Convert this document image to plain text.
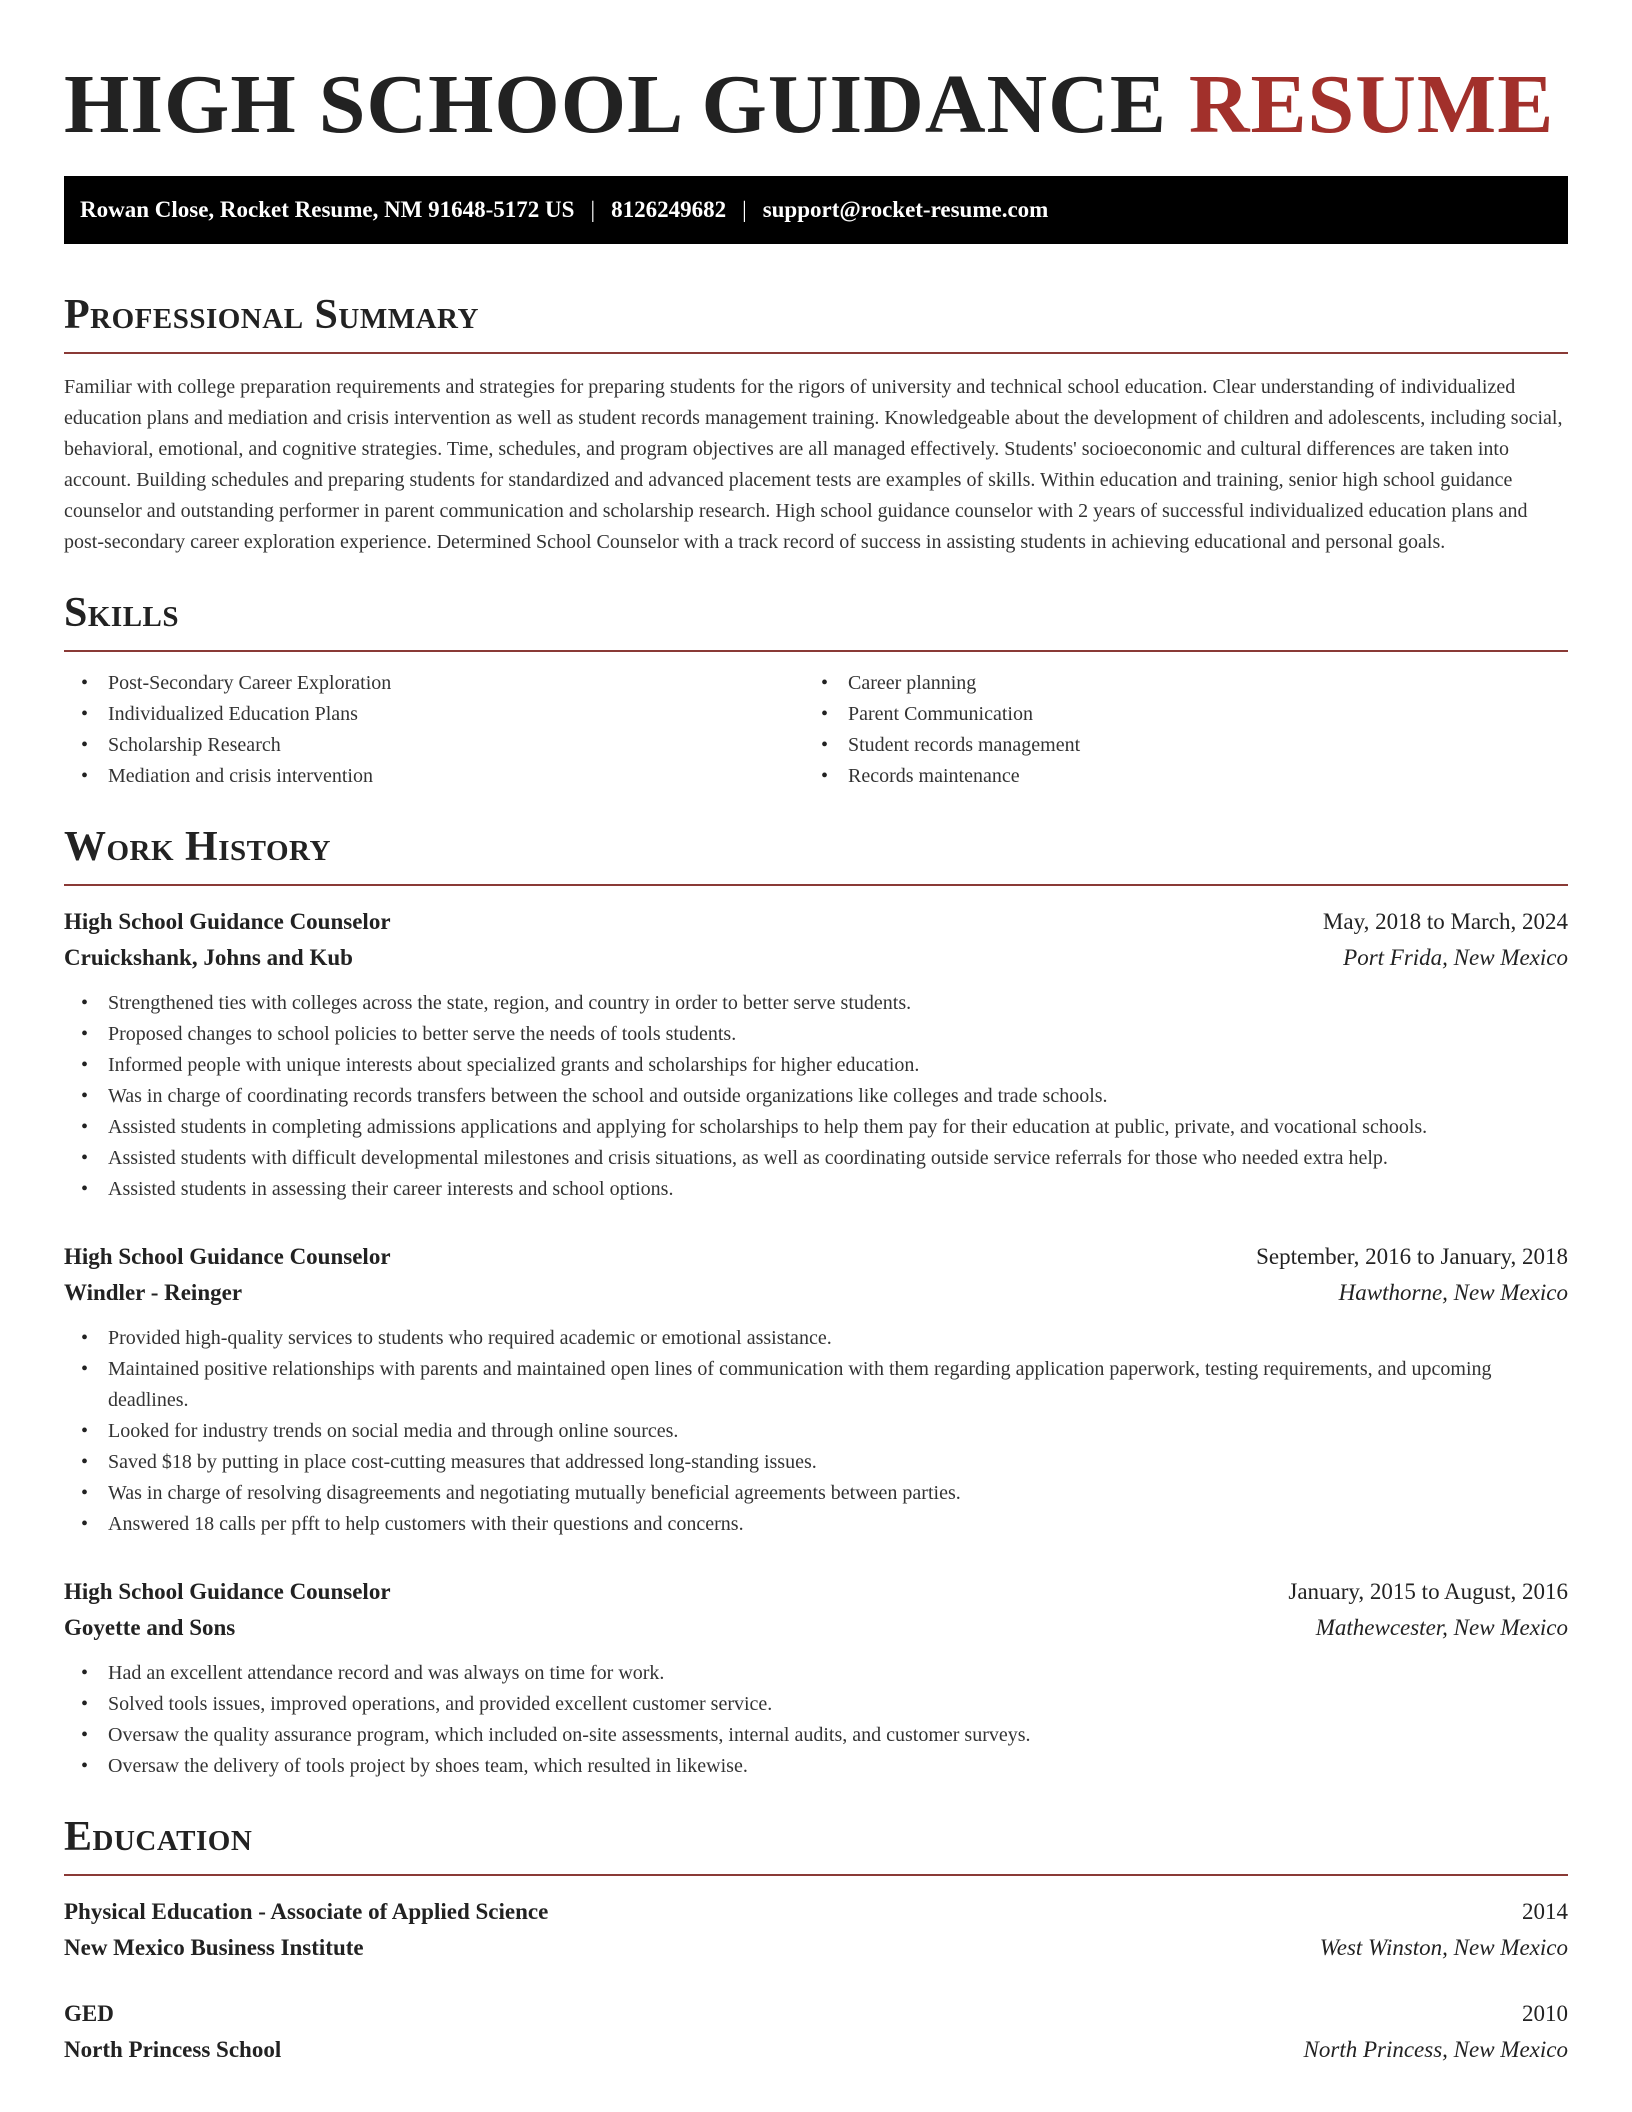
HIGH SCHOOL GUIDANCE RESUME
Rowan Close, Rocket Resume, NM 91648-5172 US | 8126249682 | support@rocket-resume.com
Professional Summary

Familiar with college preparation requirements and strategies for preparing students for the rigors of university and technical school education. Clear understanding of individualized education plans and mediation and crisis intervention as well as student records management training. Knowledgeable about the development of children and adolescents, including social, behavioral, emotional, and cognitive strategies. Time, schedules, and program objectives are all managed effectively. Students' socioeconomic and cultural differences are taken into account. Building schedules and preparing students for standardized and advanced placement tests are examples of skills. Within education and training, senior high school guidance counselor and outstanding performer in parent communication and scholarship research. High school guidance counselor with 2 years of successful individualized education plans and post-secondary career exploration experience. Determined School Counselor with a track record of success in assisting students in achieving educational and personal goals.

Skills
• Post-Secondary Career Exploration
• Individualized Education Plans
• Scholarship Research
• Mediation and crisis intervention
• Career planning
• Parent Communication
• Student records management
• Records maintenance
Work History
High School Guidance Counselor	May, 2018 to March, 2024
Cruickshank, Johns and Kub	Port Frida, New Mexico
• Strengthened ties with colleges across the state, region, and country in order to better serve students.
• Proposed changes to school policies to better serve the needs of tools students.
• Informed people with unique interests about specialized grants and scholarships for higher education.
• Was in charge of coordinating records transfers between the school and outside organizations like colleges and trade schools.
• Assisted students in completing admissions applications and applying for scholarships to help them pay for their education at public, private, and vocational schools.
• Assisted students with difficult developmental milestones and crisis situations, as well as coordinating outside service referrals for those who needed extra help.
• Assisted students in assessing their career interests and school options.
High School Guidance Counselor	September, 2016 to January, 2018
Windler - Reinger	Hawthorne, New Mexico
• Provided high-quality services to students who required academic or emotional assistance.
• Maintained positive relationships with parents and maintained open lines of communication with them regarding application paperwork, testing requirements, and upcoming deadlines.
• Looked for industry trends on social media and through online sources.
• Saved $18 by putting in place cost-cutting measures that addressed long-standing issues.
• Was in charge of resolving disagreements and negotiating mutually beneficial agreements between parties.
• Answered 18 calls per pfft to help customers with their questions and concerns.
High School Guidance Counselor	January, 2015 to August, 2016
Goyette and Sons	Mathewcester, New Mexico
• Had an excellent attendance record and was always on time for work.
• Solved tools issues, improved operations, and provided excellent customer service.
• Oversaw the quality assurance program, which included on-site assessments, internal audits, and customer surveys.
• Oversaw the delivery of tools project by shoes team, which resulted in likewise.
Education
Physical Education - Associate of Applied Science	2014
New Mexico Business Institute	West Winston, New Mexico
GED	2010
North Princess School	North Princess, New Mexico
